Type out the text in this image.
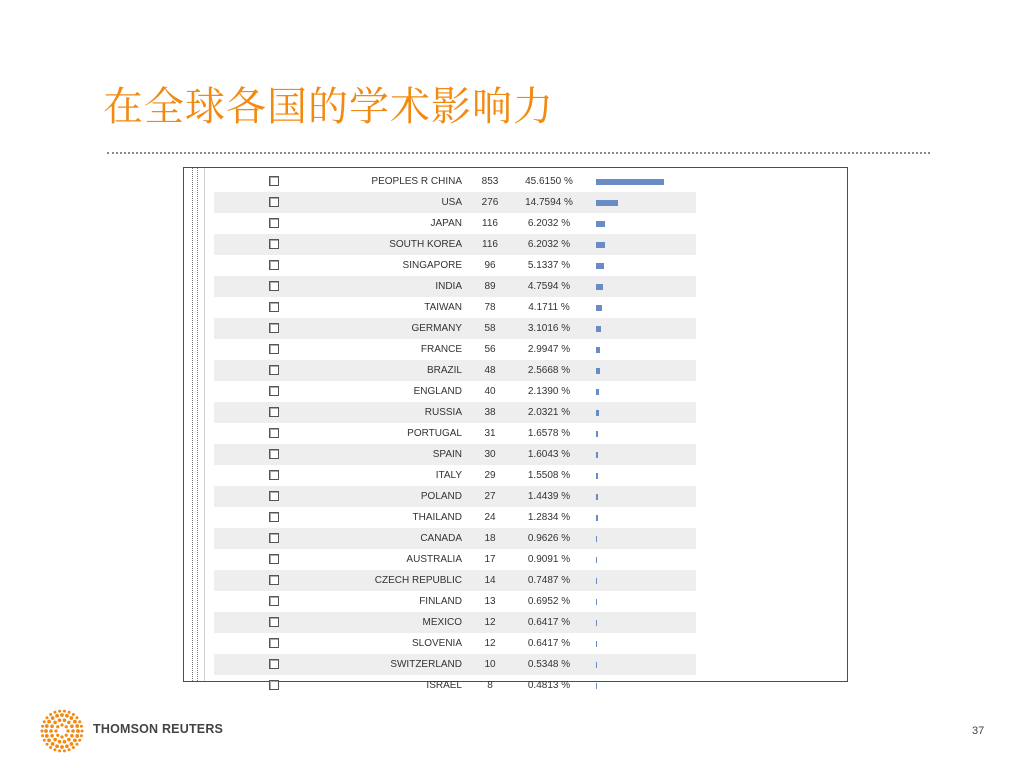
在全球各国的学术影响力
	PEOPLES R CHINA	853	45.6150 %	

	USA	276	14.7594 %	

	JAPAN	116	6.2032 %	

	SOUTH KOREA	116	6.2032 %	

	SINGAPORE	96	5.1337 %	

	INDIA	89	4.7594 %	

	TAIWAN	78	4.1711 %	

	GERMANY	58	3.1016 %	

	FRANCE	56	2.9947 %	

	BRAZIL	48	2.5668 %	

	ENGLAND	40	2.1390 %	

	RUSSIA	38	2.0321 %	

	PORTUGAL	31	1.6578 %	

	SPAIN	30	1.6043 %	

	ITALY	29	1.5508 %	

	POLAND	27	1.4439 %	

	THAILAND	24	1.2834 %	

	CANADA	18	0.9626 %	

	AUSTRALIA	17	0.9091 %	

	CZECH REPUBLIC	14	0.7487 %	

	FINLAND	13	0.6952 %	

	MEXICO	12	0.6417 %	

	SLOVENIA	12	0.6417 %	

	SWITZERLAND	10	0.5348 %	

	ISRAEL	8	0.4813 %	
THOMSON REUTERS	37
